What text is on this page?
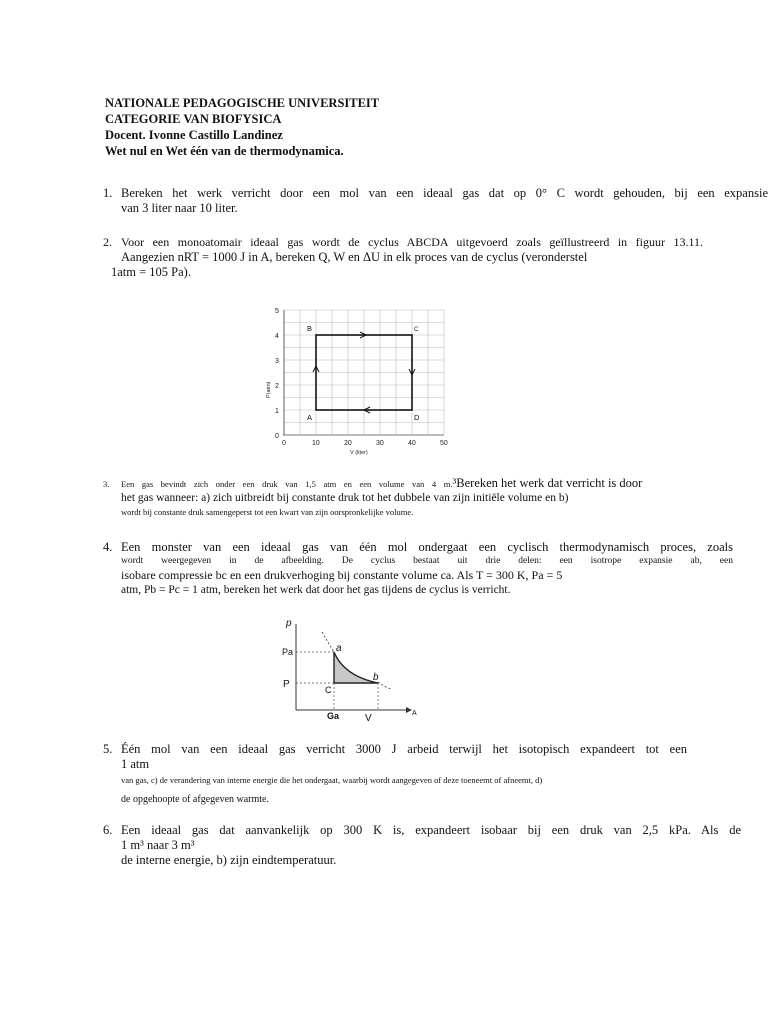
NATIONALE PEDAGOGISCHE UNIVERSITEIT
CATEGORIE VAN BIOFYSICA
Docent. Ivonne Castillo Landinez
Wet nul en Wet één van de thermodynamica.
1. Bereken het werk verricht door een mol van een ideaal gas dat op 0° C wordt gehouden, bij een expansie
van 3 liter naar 10 liter.
2. Voor een monoatomair ideaal gas wordt de cyclus ABCDA uitgevoerd zoals geïllustreerd in figuur 13.11.
Aangezien nRT = 1000 J in A, bereken Q, W en ΔU in elk proces van de cyclus (veronderstel
1atm = 105 Pa).
0
1
2
3
4
5
0	10	20	30	40	50
V (liter)
P(atm)
A
B	C
D
3. Een gas bevindt zich onder een druk van 1,5 atm en een volume van 4 m.³Bereken het werk dat verricht is door
het gas wanneer: a) zich uitbreidt bij constante druk tot het dubbele van zijn initiële volume en b)
wordt bij constante druk samengeperst tot een kwart van zijn oorspronkelijke volume.
4. Een monster van een ideaal gas van één mol ondergaat een cyclisch thermodynamisch proces, zoals
wordt weergegeven in de afbeelding. De cyclus bestaat uit drie delen: een isotrope expansie ab, een
isobare compressie bc en een drukverhoging bij constante volume ca. Als T = 300 K, Pa = 5
atm, Pb = Pc = 1 atm, bereken het werk dat door het gas tijdens de cyclus is verricht.
p
Pa
P
a
b
C
Ga	V	A
5. Één mol van een ideaal gas verricht 3000 J arbeid terwijl het isotopisch expandeert tot een
1 atm
van gas, c) de verandering van interne energie die het ondergaat, waarbij wordt aangegeven of deze toeneemt of afneemt, d)
de opgehoopte of afgegeven warmte.
6. Een ideaal gas dat aanvankelijk op 300 K is, expandeert isobaar bij een druk van 2,5 kPa. Als de
1 m³ naar 3 m³
de interne energie, b) zijn eindtemperatuur.
